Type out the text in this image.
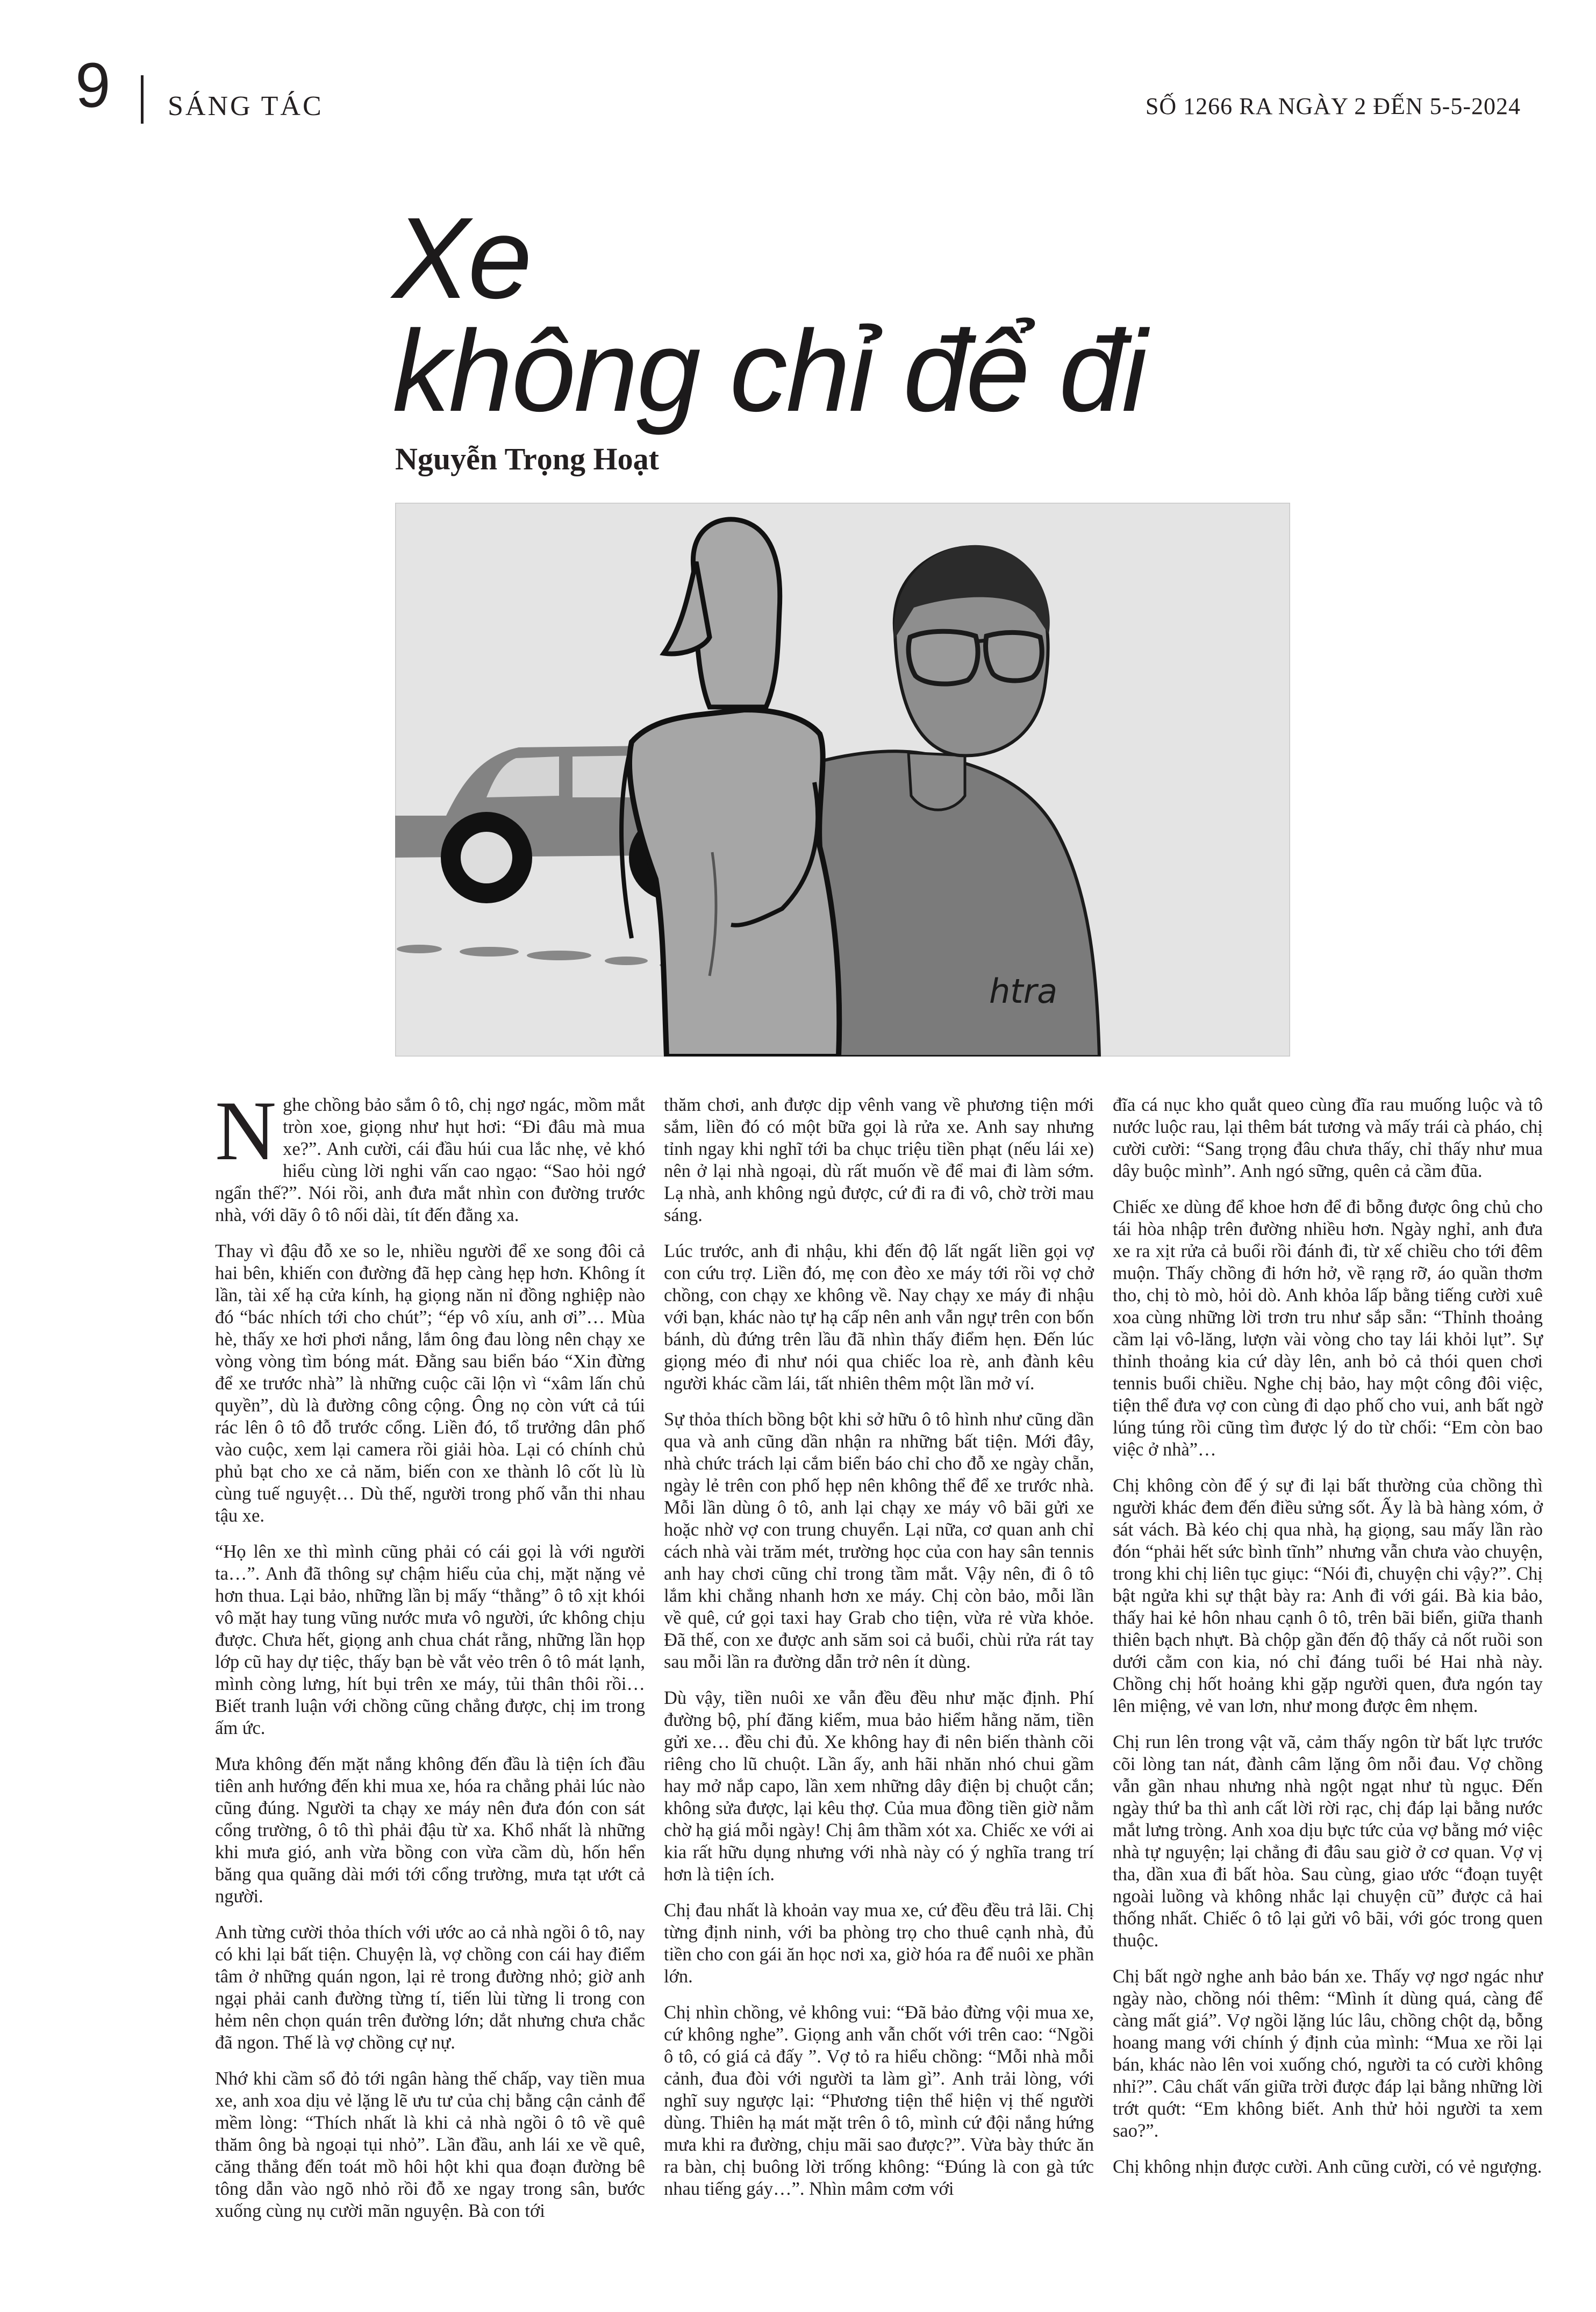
9 SÁNG TÁC	SỐ 1266 RA NGÀY 2 ĐẾN 5-5-2024
Xe
không chỉ để đi
Nguyễn Trọng Hoạt
htra

Nghe chồng bảo sắm ô tô, chị ngơ ngác, mồm mắt tròn xoe, giọng như hụt hơi: “Đi đâu mà mua xe?”. Anh cười, cái đầu húi cua lắc nhẹ, vẻ khó hiểu cùng lời nghi vấn cao ngạo: “Sao hỏi ngớ ngẩn thế?”. Nói rồi, anh đưa mắt nhìn con đường trước nhà, với dãy ô tô nối dài, tít đến đằng xa.

Thay vì đậu đỗ xe so le, nhiều người để xe song đôi cả hai bên, khiến con đường đã hẹp càng hẹp hơn. Không ít lần, tài xế hạ cửa kính, hạ giọng năn nỉ đồng nghiệp nào đó “bác nhích tới cho chút”; “ép vô xíu, anh ơi”… Mùa hè, thấy xe hơi phơi nắng, lắm ông đau lòng nên chạy xe vòng vòng tìm bóng mát. Đằng sau biển báo “Xin đừng để xe trước nhà” là những cuộc cãi lộn vì “xâm lấn chủ quyền”, dù là đường công cộng. Ông nọ còn vứt cả túi rác lên ô tô đỗ trước cổng. Liền đó, tổ trưởng dân phố vào cuộc, xem lại camera rồi giải hòa. Lại có chính chủ phủ bạt cho xe cả năm, biến con xe thành lô cốt lù lù cùng tuế nguyệt… Dù thế, người trong phố vẫn thi nhau tậu xe.

“Họ lên xe thì mình cũng phải có cái gọi là với người ta…”. Anh đã thông sự chậm hiểu của chị, mặt nặng vẻ hơn thua. Lại bảo, những lần bị mấy “thằng” ô tô xịt khói vô mặt hay tung vũng nước mưa vô người, ức không chịu được. Chưa hết, giọng anh chua chát rằng, những lần họp lớp cũ hay dự tiệc, thấy bạn bè vắt vẻo trên ô tô mát lạnh, mình còng lưng, hít bụi trên xe máy, tủi thân thôi rồi… Biết tranh luận với chồng cũng chẳng được, chị im trong ấm ức.

Mưa không đến mặt nắng không đến đầu là tiện ích đầu tiên anh hướng đến khi mua xe, hóa ra chẳng phải lúc nào cũng đúng. Người ta chạy xe máy nên đưa đón con sát cổng trường, ô tô thì phải đậu từ xa. Khổ nhất là những khi mưa gió, anh vừa bồng con vừa cầm dù, hốn hển băng qua quãng dài mới tới cổng trường, mưa tạt ướt cả người.

Anh từng cười thỏa thích với ước ao cả nhà ngồi ô tô, nay có khi lại bất tiện. Chuyện là, vợ chồng con cái hay điểm tâm ở những quán ngon, lại rẻ trong đường nhỏ; giờ anh ngại phải canh đường từng tí, tiến lùi từng li trong con hẻm nên chọn quán trên đường lớn; dắt nhưng chưa chắc đã ngon. Thế là vợ chồng cự nự.

Nhớ khi cầm sổ đỏ tới ngân hàng thế chấp, vay tiền mua xe, anh xoa dịu vẻ lặng lẽ ưu tư của chị bằng cận cảnh để mềm lòng: “Thích nhất là khi cả nhà ngồi ô tô về quê thăm ông bà ngoại tụi nhỏ”. Lần đầu, anh lái xe về quê, căng thẳng đến toát mồ hôi hột khi qua đoạn đường bê tông dẫn vào ngõ nhỏ rồi đỗ xe ngay trong sân, bước xuống cùng nụ cười mãn nguyện. Bà con tới

thăm chơi, anh được dịp vênh vang về phương tiện mới sắm, liền đó có một bữa gọi là rửa xe. Anh say nhưng tỉnh ngay khi nghĩ tới ba chục triệu tiền phạt (nếu lái xe) nên ở lại nhà ngoại, dù rất muốn về để mai đi làm sớm. Lạ nhà, anh không ngủ được, cứ đi ra đi vô, chờ trời mau sáng.

Lúc trước, anh đi nhậu, khi đến độ lất ngất liền gọi vợ con cứu trợ. Liền đó, mẹ con đèo xe máy tới rồi vợ chở chồng, con chạy xe không về. Nay chạy xe máy đi nhậu với bạn, khác nào tự hạ cấp nên anh vẫn ngự trên con bốn bánh, dù đứng trên lầu đã nhìn thấy điểm hẹn. Đến lúc giọng méo đi như nói qua chiếc loa rè, anh đành kêu người khác cầm lái, tất nhiên thêm một lần mở ví.

Sự thỏa thích bồng bột khi sở hữu ô tô hình như cũng dần qua và anh cũng dần nhận ra những bất tiện. Mới đây, nhà chức trách lại cắm biển báo chỉ cho đỗ xe ngày chẵn, ngày lẻ trên con phố hẹp nên không thể để xe trước nhà. Mỗi lần dùng ô tô, anh lại chạy xe máy vô bãi gửi xe hoặc nhờ vợ con trung chuyển. Lại nữa, cơ quan anh chỉ cách nhà vài trăm mét, trường học của con hay sân tennis anh hay chơi cũng chỉ trong tầm mắt. Vậy nên, đi ô tô lắm khi chẳng nhanh hơn xe máy. Chị còn bảo, mỗi lần về quê, cứ gọi taxi hay Grab cho tiện, vừa rẻ vừa khỏe. Đã thế, con xe được anh săm soi cả buổi, chùi rửa rát tay sau mỗi lần ra đường dẫn trở nên ít dùng.

Dù vậy, tiền nuôi xe vẫn đều đều như mặc định. Phí đường bộ, phí đăng kiểm, mua bảo hiểm hằng năm, tiền gửi xe… đều chi đủ. Xe không hay đi nên biến thành cõi riêng cho lũ chuột. Lần ấy, anh hãi nhăn nhó chui gầm hay mở nắp capo, lần xem những dây điện bị chuột cắn; không sửa được, lại kêu thợ. Của mua đồng tiền giờ nằm chờ hạ giá mỗi ngày! Chị âm thầm xót xa. Chiếc xe với ai kia rất hữu dụng nhưng với nhà này có ý nghĩa trang trí hơn là tiện ích.

Chị đau nhất là khoản vay mua xe, cứ đều đều trả lãi. Chị từng định ninh, với ba phòng trọ cho thuê cạnh nhà, đủ tiền cho con gái ăn học nơi xa, giờ hóa ra để nuôi xe phần lớn.

Chị nhìn chồng, vẻ không vui: “Đã bảo đừng vội mua xe, cứ không nghe”. Giọng anh vẫn chốt với trên cao: “Ngồi ô tô, có giá cả đấy ”. Vợ tỏ ra hiểu chồng: “Mỗi nhà mỗi cảnh, đua đòi với người ta làm gì”. Anh trải lòng, với nghĩ suy ngược lại: “Phương tiện thể hiện vị thế người dùng. Thiên hạ mát mặt trên ô tô, mình cứ đội nắng hứng mưa khi ra đường, chịu mãi sao được?”. Vừa bày thức ăn ra bàn, chị buông lời trống không: “Đúng là con gà tức nhau tiếng gáy…”. Nhìn mâm cơm với

đĩa cá nục kho quắt queo cùng đĩa rau muống luộc và tô nước luộc rau, lại thêm bát tương và mấy trái cà pháo, chị cười cười: “Sang trọng đâu chưa thấy, chỉ thấy như mua dây buộc mình”. Anh ngó sững, quên cả cầm đũa.

Chiếc xe dùng để khoe hơn để đi bỗng được ông chủ cho tái hòa nhập trên đường nhiều hơn. Ngày nghỉ, anh đưa xe ra xịt rửa cả buổi rồi đánh đi, từ xế chiều cho tới đêm muộn. Thấy chồng đi hớn hở, về rạng rỡ, áo quần thơm tho, chị tò mò, hỏi dò. Anh khỏa lấp bằng tiếng cười xuê xoa cùng những lời trơn tru như sắp sẵn: “Thỉnh thoảng cầm lại vô-lăng, lượn vài vòng cho tay lái khỏi lụt”. Sự thỉnh thoảng kia cứ dày lên, anh bỏ cả thói quen chơi tennis buổi chiều. Nghe chị bảo, hay một công đôi việc, tiện thể đưa vợ con cùng đi dạo phố cho vui, anh bất ngờ lúng túng rồi cũng tìm được lý do từ chối: “Em còn bao việc ở nhà”…

Chị không còn để ý sự đi lại bất thường của chồng thì người khác đem đến điều sửng sốt. Ấy là bà hàng xóm, ở sát vách. Bà kéo chị qua nhà, hạ giọng, sau mấy lần rào đón “phải hết sức bình tĩnh” nhưng vẫn chưa vào chuyện, trong khi chị liên tục giục: “Nói đi, chuyện chi vậy?”. Chị bật ngửa khi sự thật bày ra: Anh đi với gái. Bà kia bảo, thấy hai kẻ hôn nhau cạnh ô tô, trên bãi biển, giữa thanh thiên bạch nhựt. Bà chộp gần đến độ thấy cả nốt ruồi son dưới cằm con kia, nó chỉ đáng tuổi bé Hai nhà này. Chồng chị hốt hoảng khi gặp người quen, đưa ngón tay lên miệng, vẻ van lơn, như mong được êm nhẹm.

Chị run lên trong vật vã, cảm thấy ngôn từ bất lực trước cõi lòng tan nát, đành câm lặng ôm nỗi đau. Vợ chồng vẫn gần nhau nhưng nhà ngột ngạt như tù ngục. Đến ngày thứ ba thì anh cất lời rời rạc, chị đáp lại bằng nước mắt lưng tròng. Anh xoa dịu bực tức của vợ bằng mớ việc nhà tự nguyện; lại chẳng đi đâu sau giờ ở cơ quan. Vợ vị tha, dần xua đi bất hòa. Sau cùng, giao ước “đoạn tuyệt ngoài luồng và không nhắc lại chuyện cũ” được cả hai thống nhất. Chiếc ô tô lại gửi vô bãi, với góc trong quen thuộc.

Chị bất ngờ nghe anh bảo bán xe. Thấy vợ ngơ ngác như ngày nào, chồng nói thêm: “Mình ít dùng quá, càng để càng mất giá”. Vợ ngồi lặng lúc lâu, chồng chột dạ, bỗng hoang mang với chính ý định của mình: “Mua xe rồi lại bán, khác nào lên voi xuống chó, người ta có cười không nhỉ?”. Câu chất vấn giữa trời được đáp lại bằng những lời trớt quớt: “Em không biết. Anh thử hỏi người ta xem sao?”.

Chị không nhịn được cười. Anh cũng cười, có vẻ ngượng.
